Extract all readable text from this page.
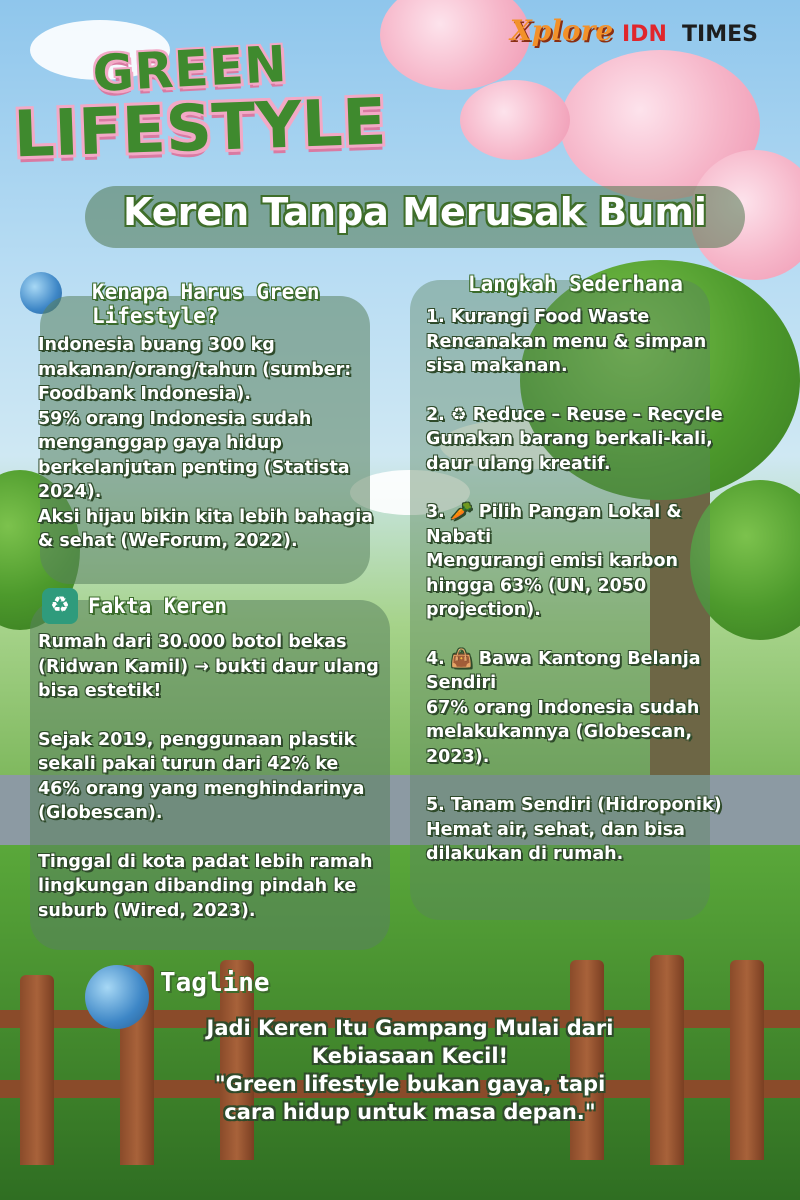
Xplore IDN TIMES
GREEN
LIFESTYLE
Keren Tanpa Merusak Bumi
Kenapa Harus Green
Lifestyle?

Indonesia buang 300 kg makanan/orang/tahun (sumber: Foodbank Indonesia).

59% orang Indonesia sudah menganggap gaya hidup berkelanjutan penting (Statista 2024).

Aksi hijau bikin kita lebih bahagia & sehat (WeForum, 2022).

♻ Fakta Keren

Rumah dari 30.000 botol bekas (Ridwan Kamil) → bukti daur ulang bisa estetik!

Sejak 2019, penggunaan plastik sekali pakai turun dari 42% ke 46% orang yang menghindarinya (Globescan).

Tinggal di kota padat lebih ramah lingkungan dibanding pindah ke suburb (Wired, 2023).

Langkah Sederhana

1. Kurangi Food Waste

Rencanakan menu & simpan sisa makanan.

2. ♻ Reduce – Reuse – Recycle

Gunakan barang berkali-kali, daur ulang kreatif.

3. 🥕 Pilih Pangan Lokal & Nabati

Mengurangi emisi karbon hingga 63% (UN, 2050 projection).

4. 👜 Bawa Kantong Belanja Sendiri

67% orang Indonesia sudah melakukannya (Globescan, 2023).

5. Tanam Sendiri (Hidroponik)

Hemat air, sehat, dan bisa dilakukan di rumah.

Tagline
Jadi Keren Itu Gampang Mulai dari
Kebiasaan Kecil!
"Green lifestyle bukan gaya, tapi
cara hidup untuk masa depan."
